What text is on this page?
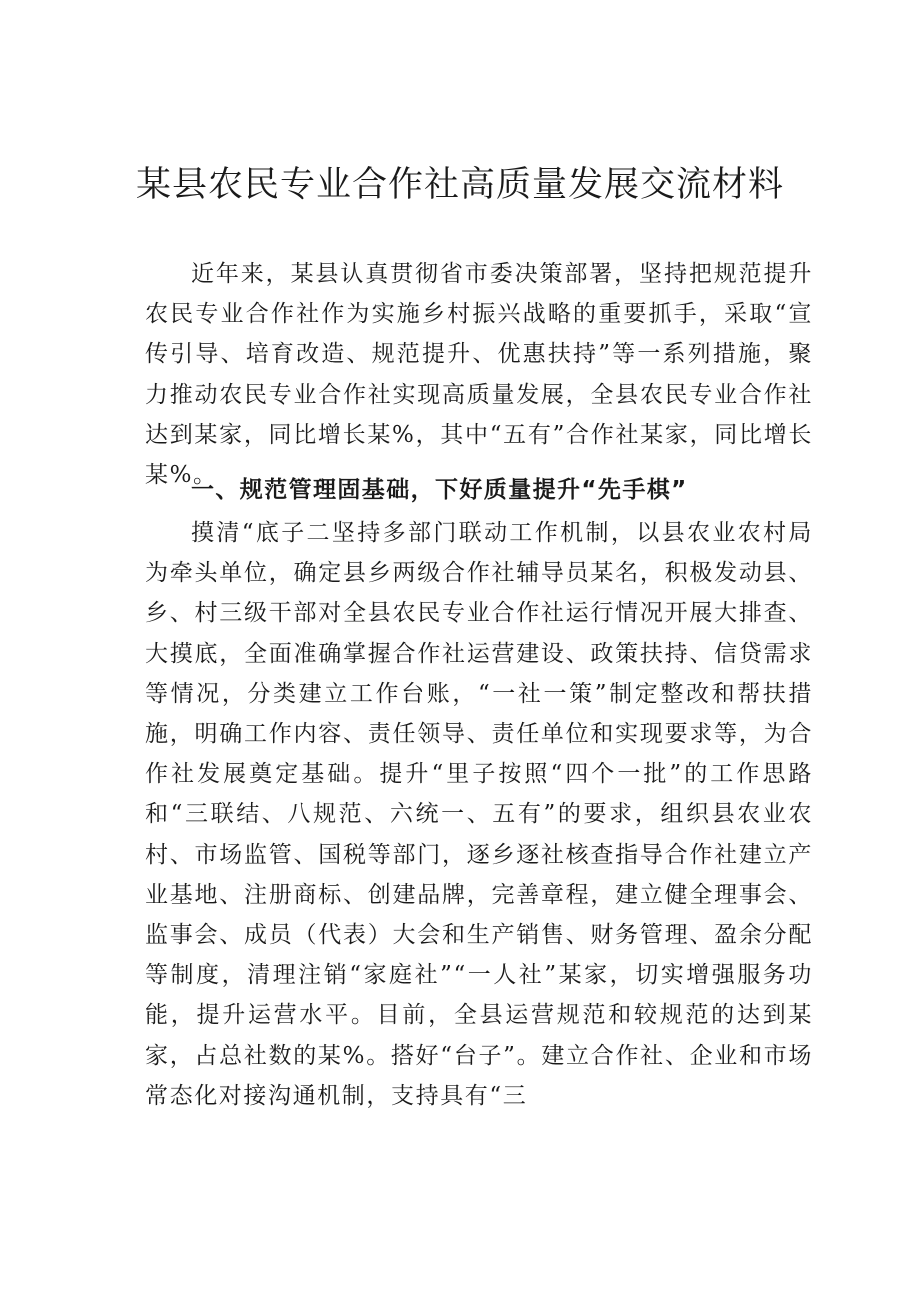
某县农民专业合作社高质量发展交流材料

近年来，某县认真贯彻省市委决策部署，坚持把规范提升农民专业合作社作为实施乡村振兴战略的重要抓手，采取“宣传引导、培育改造、规范提升、优惠扶持”等一系列措施，聚力推动农民专业合作社实现高质量发展，全县农民专业合作社达到某家，同比增长某%，其中“五有”合作社某家，同比增长某%。

一、规范管理固基础，下好质量提升“先手棋”

摸清“底子二坚持多部门联动工作机制，以县农业农村局为牵头单位，确定县乡两级合作社辅导员某名，积极发动县、乡、村三级干部对全县农民专业合作社运行情况开展大排查、大摸底，全面准确掌握合作社运营建设、政策扶持、信贷需求等情况，分类建立工作台账，“一社一策”制定整改和帮扶措施，明确工作内容、责任领导、责任单位和实现要求等，为合作社发展奠定基础。提升“里子按照“四个一批”的工作思路和“三联结、八规范、六统一、五有”的要求，组织县农业农村、市场监管、国税等部门，逐乡逐社核查指导合作社建立产业基地、注册商标、创建品牌，完善章程，建立健全理事会、监事会、成员（代表）大会和生产销售、财务管理、盈余分配等制度，清理注销“家庭社”“一人社”某家，切实增强服务功能，提升运营水平。目前，全县运营规范和较规范的达到某家，占总社数的某%。搭好“台子”。建立合作社、企业和市场常态化对接沟通机制，支持具有“三
